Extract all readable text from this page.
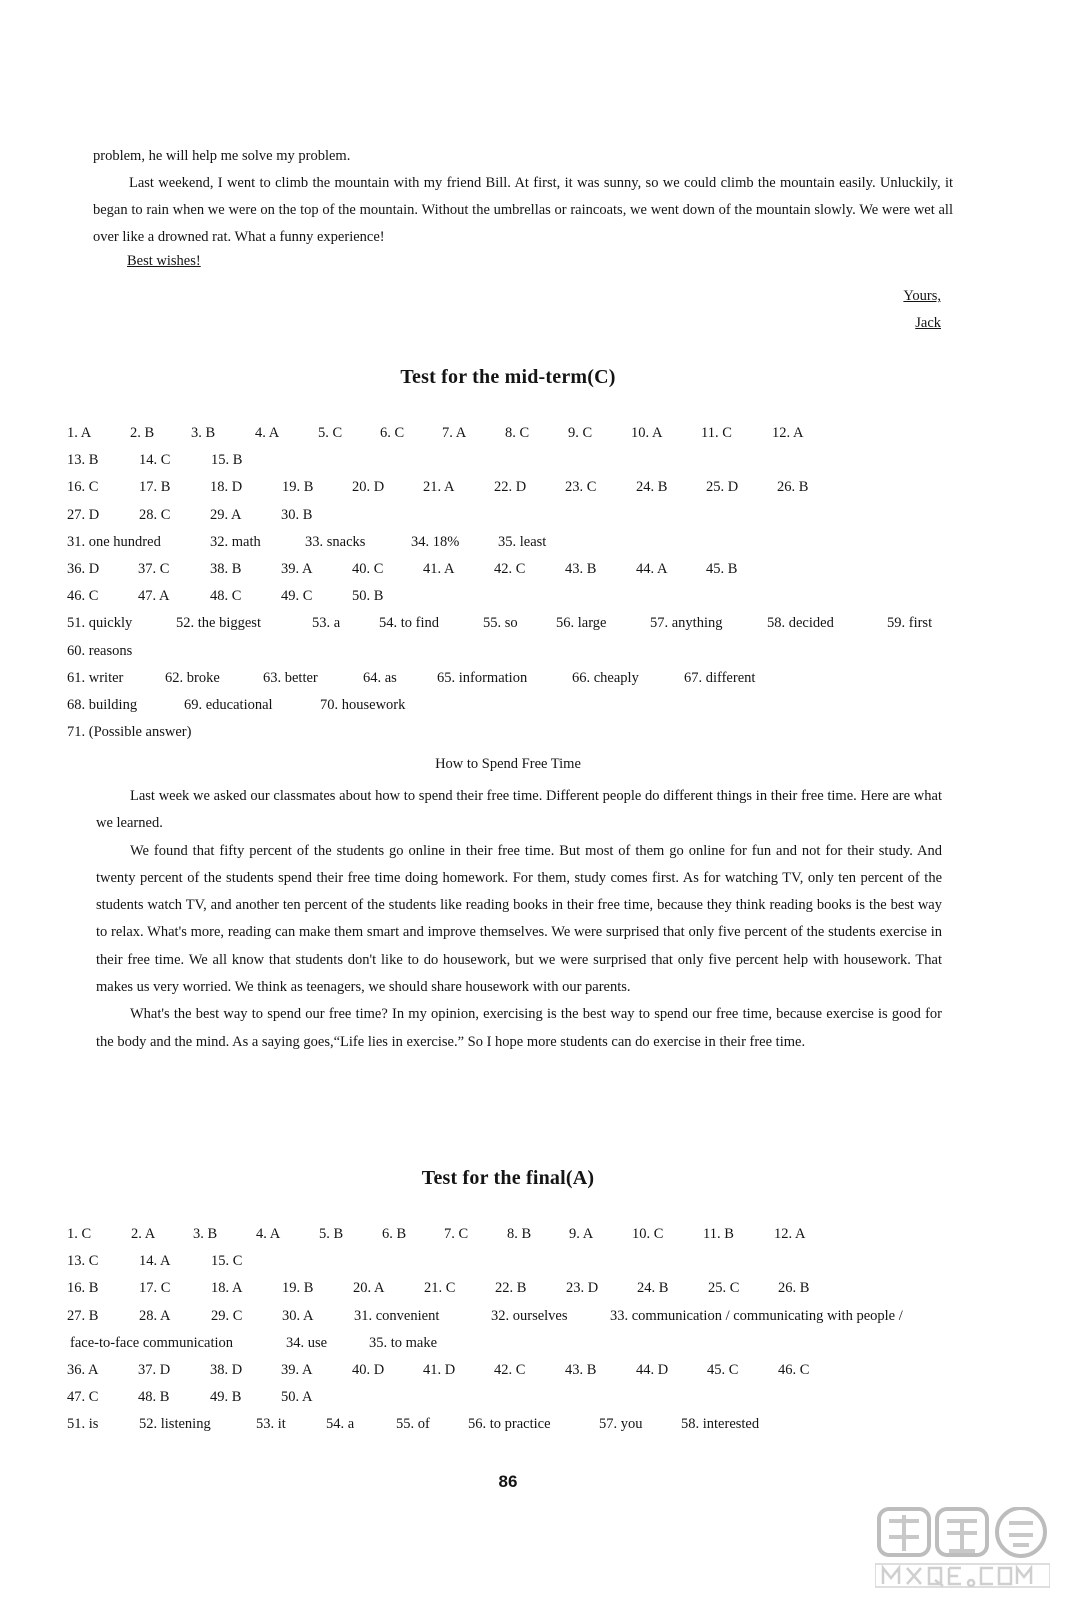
problem, he will help me solve my problem.

Last weekend, I went to climb the mountain with my friend Bill. At first, it was sunny, so we could climb the mountain easily. Unluckily, it began to rain when we were on the top of the mountain. Without the umbrellas or raincoats, we went down of the mountain slowly. We were wet all over like a drowned rat. What a funny experience!

Best wishes!
Yours,
Jack
Test for the mid-term(C)
1. A	2. B	3. B	4. A	5. C	6. C	7. A	8. C	9. C	10. A	11. C	12. A
13. B	14. C	15. B
16. C	17. B	18. D	19. B	20. D	21. A	22. D	23. C	24. B	25. D	26. B
27. D	28. C	29. A	30. B
31. one hundred	32. math	33. snacks	34. 18%	35. least
36. D	37. C	38. B	39. A	40. C	41. A	42. C	43. B	44. A	45. B
46. C	47. A	48. C	49. C	50. B
51. quickly	52. the biggest	53. a	54. to find	55. so	56. large	57. anything	58. decided	59. first
60. reasons
61. writer	62. broke	63. better	64. as	65. information	66. cheaply	67. different
68. building	69. educational	70. housework
71. (Possible answer)
How to Spend Free Time

Last week we asked our classmates about how to spend their free time. Different people do different things in their free time. Here are what we learned.

We found that fifty percent of the students go online in their free time. But most of them go online for fun and not for their study. And twenty percent of the students spend their free time doing homework. For them, study comes first. As for watching TV, only ten percent of the students watch TV, and another ten percent of the students like reading books in their free time, because they think reading books is the best way to relax. What's more, reading can make them smart and improve themselves. We were surprised that only five percent of the students exercise in their free time. We all know that students don't like to do housework, but we were surprised that only five percent help with housework. That makes us very worried. We think as teenagers, we should share housework with our parents.

What's the best way to spend our free time? In my opinion, exercising is the best way to spend our free time, because exercise is good for the body and the mind. As a saying goes,“Life lies in exercise.” So I hope more students can do exercise in their free time.

Test for the final(A)
1. C	2. A	3. B	4. A	5. B	6. B	7. C	8. B	9. A	10. C	11. B	12. A
13. C	14. A	15. C
16. B	17. C	18. A	19. B	20. A	21. C	22. B	23. D	24. B	25. C	26. B
27. B	28. A	29. C	30. A	31. convenient	32. ourselves	33. communication / communicating with people /
face-to-face communication	34. use	35. to make
36. A	37. D	38. D	39. A	40. D	41. D	42. C	43. B	44. D	45. C	46. C
47. C	48. B	49. B	50. A
51. is	52. listening	53. it	54. a	55. of	56. to practice	57. you	58. interested
86
